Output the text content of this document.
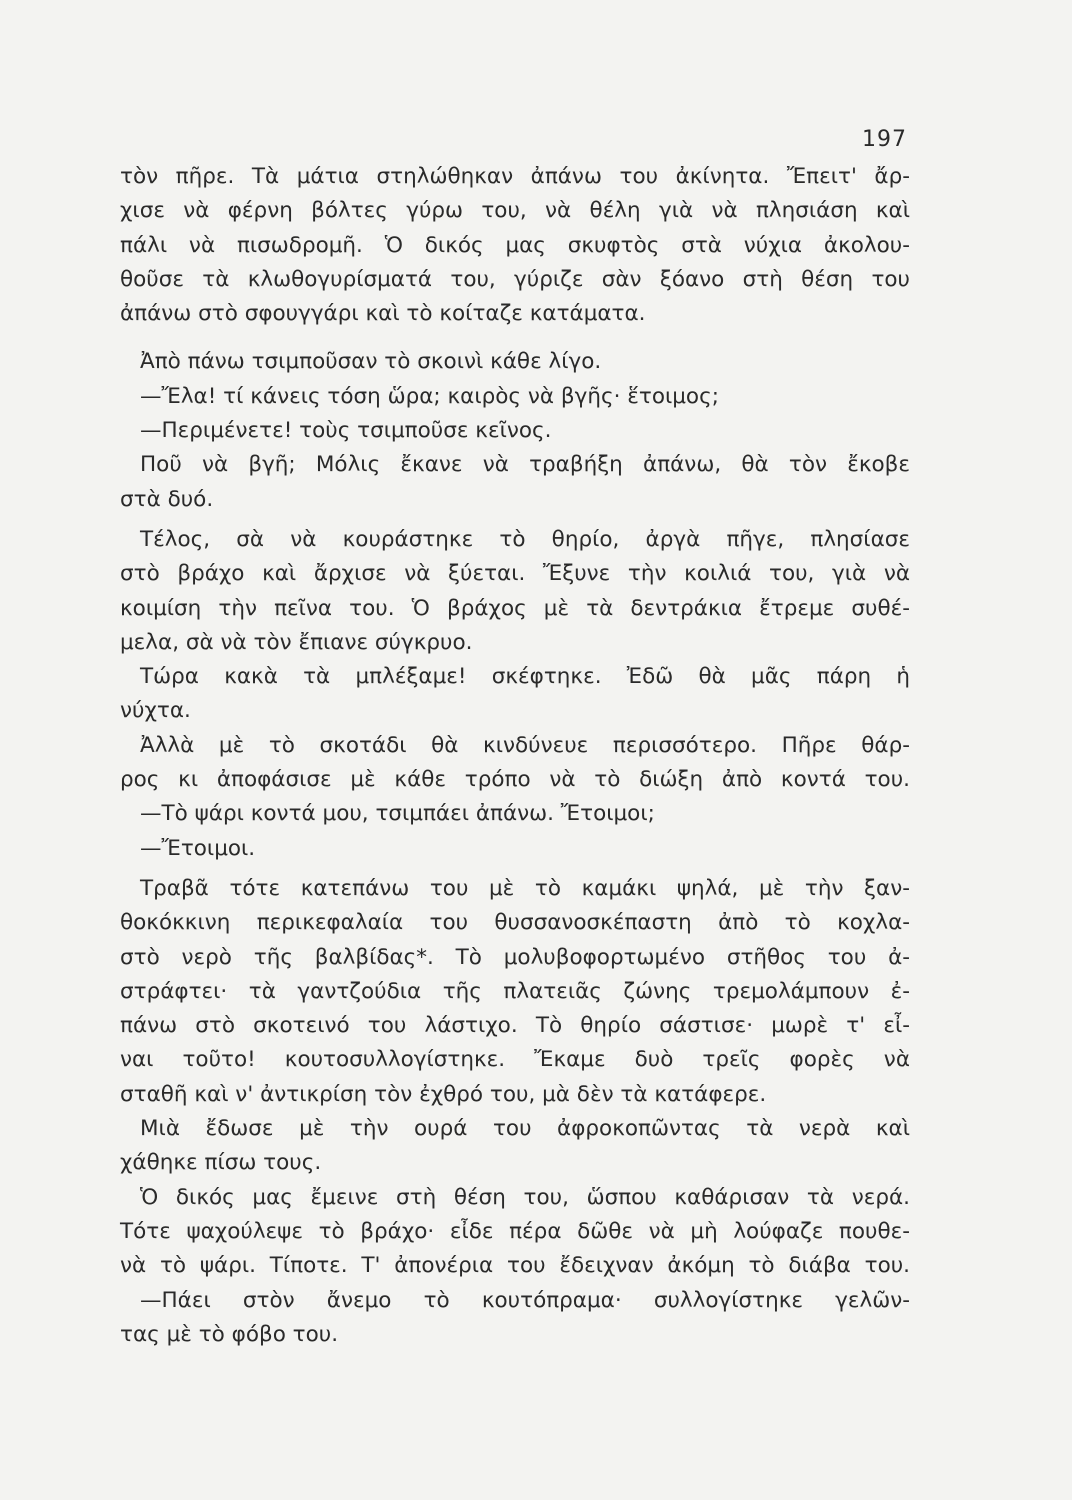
197
τὸν πῆρε. Τὰ μάτια στηλώθηκαν ἀπάνω του ἀκίνητα. Ἔπειτ' ἄρ-
χισε νὰ φέρνη βόλτες γύρω του, νὰ θέλη γιὰ νὰ πλησιάση καὶ
πάλι νὰ πισωδρομῆ. Ὁ δικός μας σκυφτὸς στὰ νύχια ἀκολου-
θοῦσε τὰ κλωθογυρίσματά του, γύριζε σὰν ξόανο στὴ θέση του
ἀπάνω στὸ σφουγγάρι καὶ τὸ κοίταζε κατάματα.
Ἀπὸ πάνω τσιμποῦσαν τὸ σκοινὶ κάθε λίγο.
—Ἔλα! τί κάνεις τόση ὥρα; καιρὸς νὰ βγῆς· ἕτοιμος;
—Περιμένετε! τοὺς τσιμποῦσε κεῖνος.
Ποῦ νὰ βγῆ; Μόλις ἔκανε νὰ τραβήξη ἀπάνω, θὰ τὸν ἔκοβε
στὰ δυό.
Τέλος, σὰ νὰ κουράστηκε τὸ θηρίο, ἀργὰ πῆγε, πλησίασε
στὸ βράχο καὶ ἄρχισε νὰ ξύεται. Ἔξυνε τὴν κοιλιά του, γιὰ νὰ
κοιμίση τὴν πεῖνα του. Ὁ βράχος μὲ τὰ δεντράκια ἔτρεμε συθέ-
μελα, σὰ νὰ τὸν ἔπιανε σύγκρυο.
Τώρα κακὰ τὰ μπλέξαμε! σκέφτηκε. Ἐδῶ θὰ μᾶς πάρη ἡ
νύχτα.
Ἀλλὰ μὲ τὸ σκοτάδι θὰ κινδύνευε περισσότερο. Πῆρε θάρ-
ρος κι ἀποφάσισε μὲ κάθε τρόπο νὰ τὸ διώξη ἀπὸ κοντά του.
—Τὸ ψάρι κοντά μου, τσιμπάει ἀπάνω. Ἔτοιμοι;
—Ἔτοιμοι.
Τραβᾶ τότε κατεπάνω του μὲ τὸ καμάκι ψηλά, μὲ τὴν ξαν-
θοκόκκινη περικεφαλαία του θυσσανοσκέπαστη ἀπὸ τὸ κοχλα-
στὸ νερὸ τῆς βαλβίδας*. Τὸ μολυβοφορτωμένο στῆθος του ἀ-
στράφτει· τὰ γαντζούδια τῆς πλατειᾶς ζώνης τρεμολάμπουν ἐ-
πάνω στὸ σκοτεινό του λάστιχο. Τὸ θηρίο σάστισε· μωρὲ τ' εἶ-
ναι τοῦτο! κουτοσυλλογίστηκε. Ἔκαμε δυὸ τρεῖς φορὲς νὰ
σταθῆ καὶ ν' ἀντικρίση τὸν ἐχθρό του, μὰ δὲν τὰ κατάφερε.
Μιὰ ἔδωσε μὲ τὴν ουρά του ἀφροκοπῶντας τὰ νερὰ καὶ
χάθηκε πίσω τους.
Ὁ δικός μας ἔμεινε στὴ θέση του, ὥσπου καθάρισαν τὰ νερά.
Τότε ψαχούλεψε τὸ βράχο· εἶδε πέρα δῶθε νὰ μὴ λούφαζε πουθε-
νὰ τὸ ψάρι. Τίποτε. Τ' ἀπονέρια του ἔδειχναν ἀκόμη τὸ διάβα του.
—Πάει στὸν ἄνεμο τὸ κουτόπραμα· συλλογίστηκε γελῶν-
τας μὲ τὸ φόβο του.
